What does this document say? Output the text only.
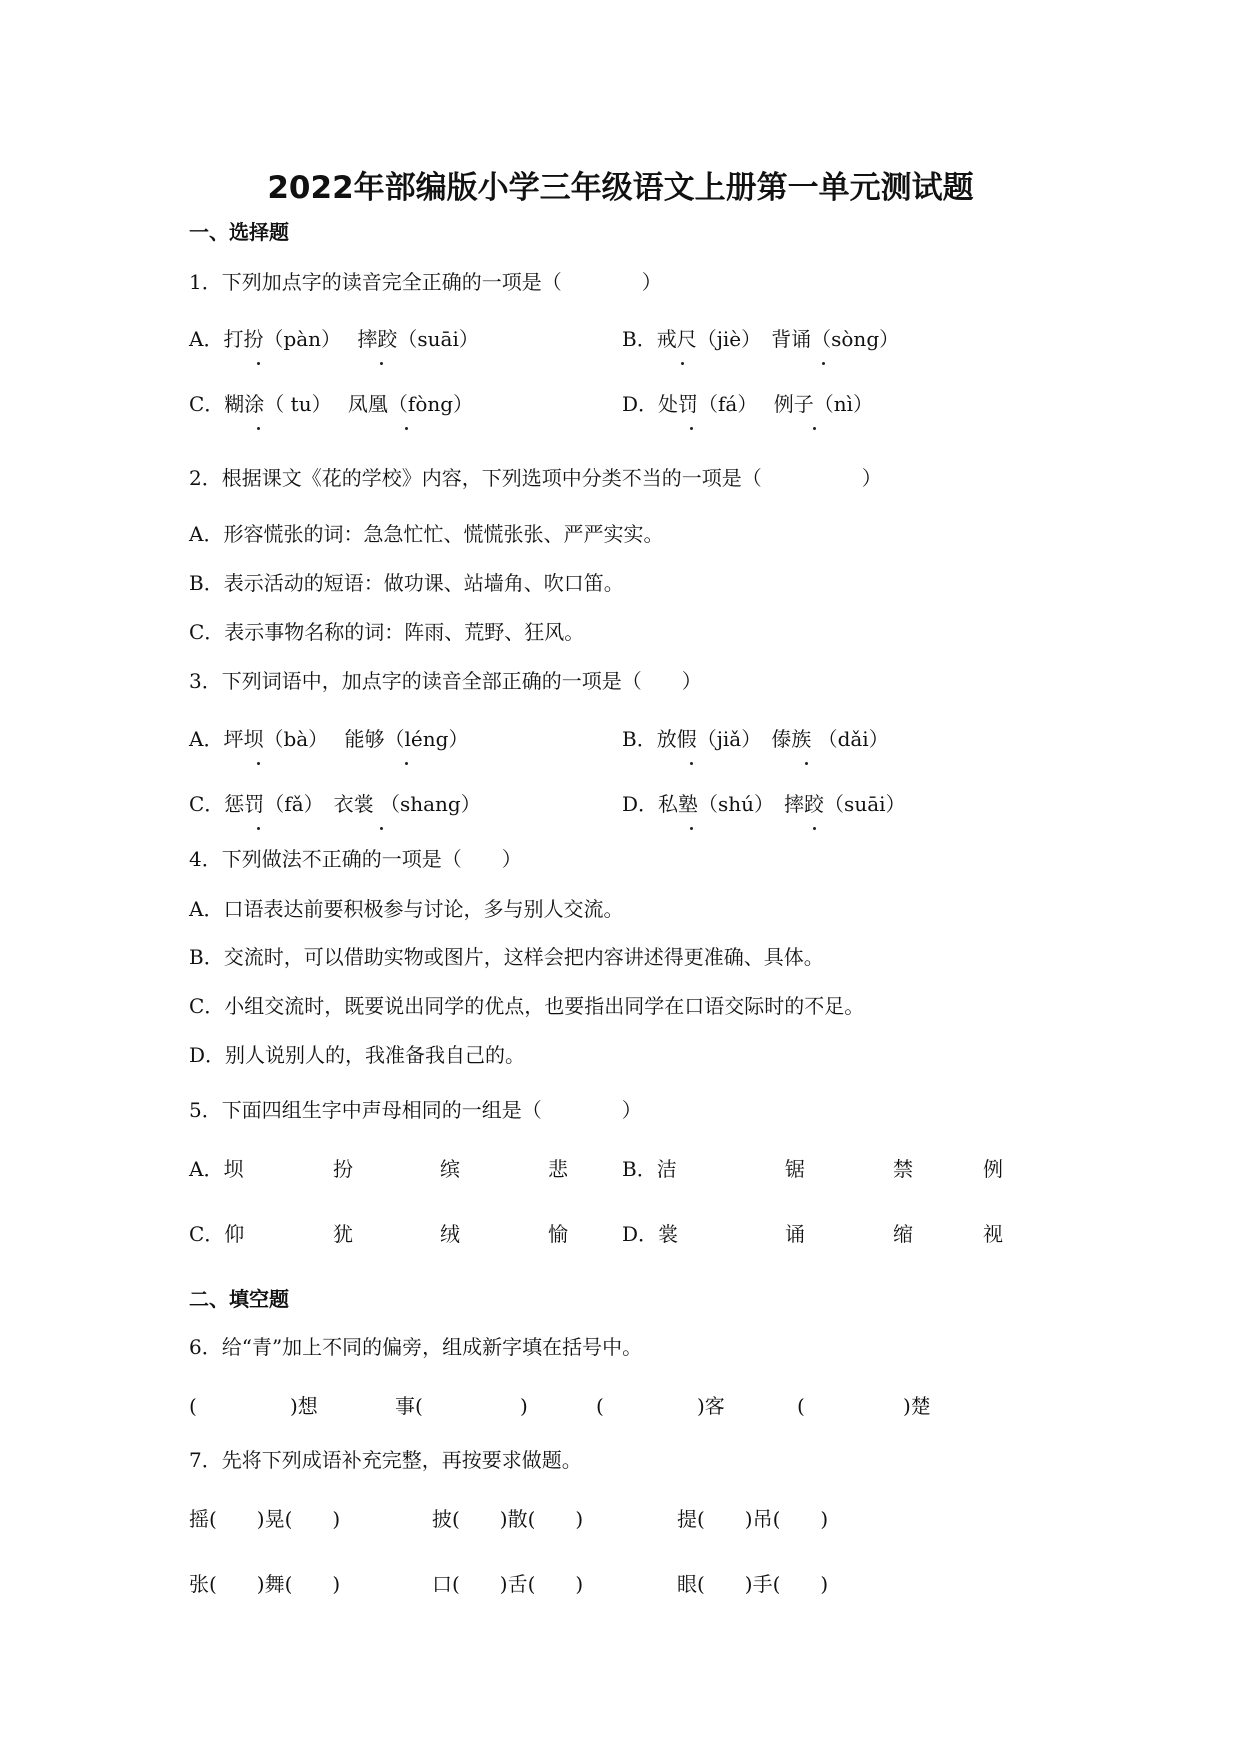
2022年部编版小学三年级语文上册第一单元测试题
一、选择题
1．下列加点字的读音完全正确的一项是（　　　　）
A．打扮（pàn）　 摔跤（suāi）	B．戒尺（jiè）　背诵（sòng）
C．糊涂（ tu）　 凤凰（fòng）	D．处罚（fá）　 例子（nì）
2．根据课文《花的学校》内容，下列选项中分类不当的一项是（　　　　　）
A．形容慌张的词：急急忙忙、慌慌张张、严严实实。
B．表示活动的短语：做功课、站墙角、吹口笛。
C．表示事物名称的词：阵雨、荒野、狂风。
3．下列词语中，加点字的读音全部正确的一项是（　　）
A．坪坝（bà）　 能够（léng）	B．放假（jiǎ）　傣族 （dǎi）
C．惩罚（fǎ）　衣裳 （shang）	D．私塾（shú）　摔跤（suāi）
4．下列做法不正确的一项是（　　）
A．口语表达前要积极参与讨论，多与别人交流。
B．交流时，可以借助实物或图片，这样会把内容讲述得更准确、具体。
C．小组交流时，既要说出同学的优点，也要指出同学在口语交际时的不足。
D．别人说别人的，我准备我自己的。
5．下面四组生字中声母相同的一组是（　　　　）
A．坝	扮	缤	悲	B．洁	锯	禁	例
C．仰	犹	绒	愉	D．裳	诵	缩	视
二、填空题
6．给“青”加上不同的偏旁，组成新字填在括号中。
(	)想	事(	)	(	)客	(	)楚
7．先将下列成语补充完整，再按要求做题。
摇(　　)晃(　　)	披(　　)散(　　)	提(　　)吊(　　)
张(　　)舞(　　)	口(　　)舌(　　)	眼(　　)手(　　)
